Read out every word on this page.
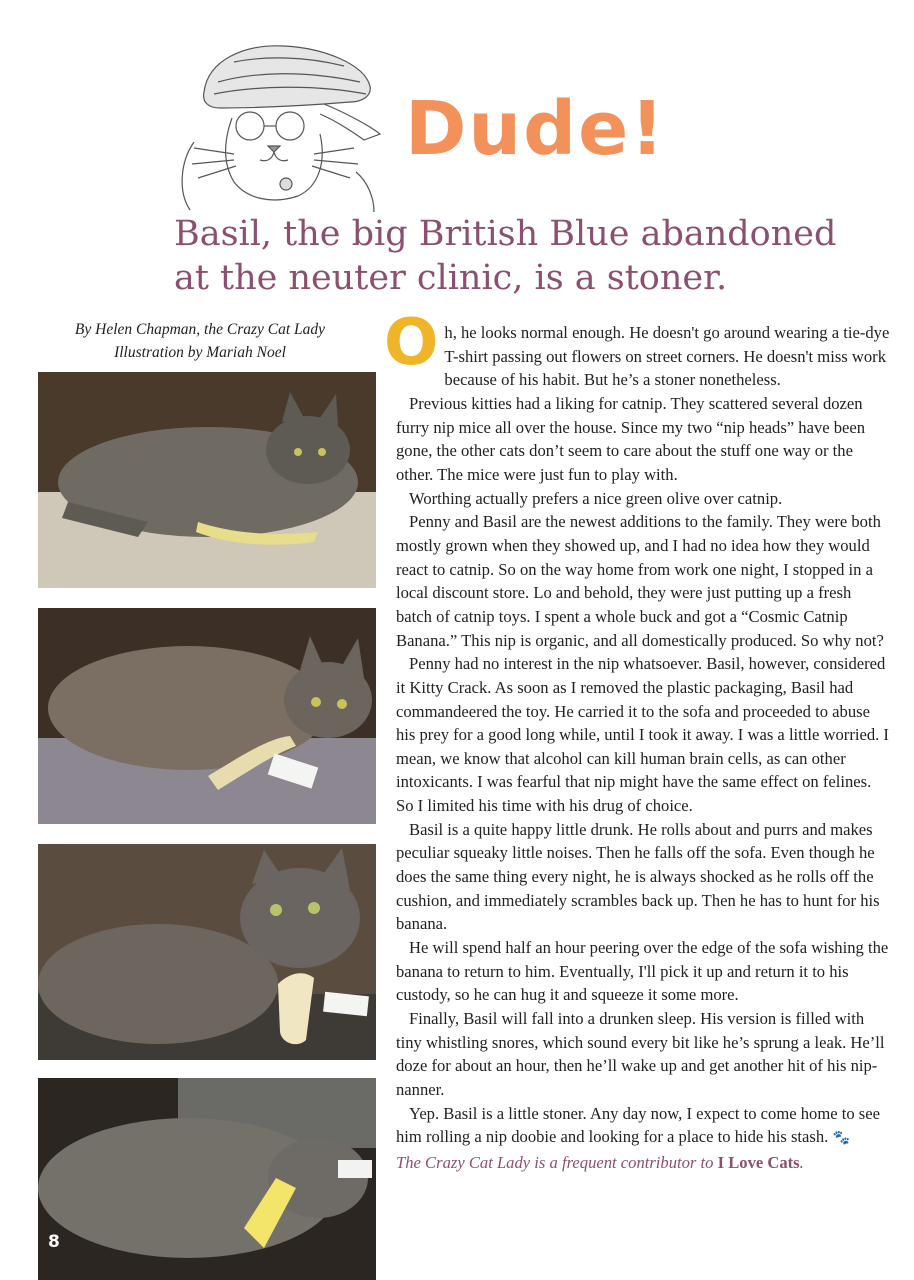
Dude!
Basil, the big British Blue abandoned at the neuter clinic, is a stoner.
By Helen Chapman, the Crazy Cat Lady
Illustration by Mariah Noel	Oh, he looks normal enough. He doesn't go around wearing a tie-dye T-shirt passing out flowers on street corners. He doesn't miss work because of his habit. But he’s a stoner nonetheless.

Previous kitties had a liking for catnip. They scattered several dozen furry nip mice all over the house. Since my two “nip heads” have been gone, the other cats don’t seem to care about the stuff one way or the other. The mice were just fun to play with.

Worthing actually prefers a nice green olive over catnip.

Penny and Basil are the newest additions to the family. They were both mostly grown when they showed up, and I had no idea how they would react to catnip. So on the way home from work one night, I stopped in a local discount store. Lo and behold, they were just putting up a fresh batch of catnip toys. I spent a whole buck and got a “Cosmic Catnip Banana.” This nip is organic, and all domestically produced. So why not?

Penny had no interest in the nip whatsoever. Basil, however, considered it Kitty Crack. As soon as I removed the plastic packaging, Basil had commandeered the toy. He carried it to the sofa and proceeded to abuse his prey for a good long while, until I took it away. I was a little worried. I mean, we know that alcohol can kill human brain cells, as can other intoxicants. I was fearful that nip might have the same effect on felines. So I limited his time with his drug of choice.

Basil is a quite happy little drunk. He rolls about and purrs and makes peculiar squeaky little noises. Then he falls off the sofa. Even though he does the same thing every night, he is always shocked as he rolls off the cushion, and immediately scrambles back up. Then he has to hunt for his banana.

He will spend half an hour peering over the edge of the sofa wishing the banana to return to him. Eventually, I'll pick it up and return it to his custody, so he can hug it and squeeze it some more.

Finally, Basil will fall into a drunken sleep. His version is filled with tiny whistling snores, which sound every bit like he’s sprung a leak. He’ll doze for about an hour, then he’ll wake up and get another hit of his nip-nanner.

Yep. Basil is a little stoner. Any day now, I expect to come home to see him rolling a nip doobie and looking for a place to hide his stash. 🐾

The Crazy Cat Lady is a frequent contributor to I Love Cats.

8
